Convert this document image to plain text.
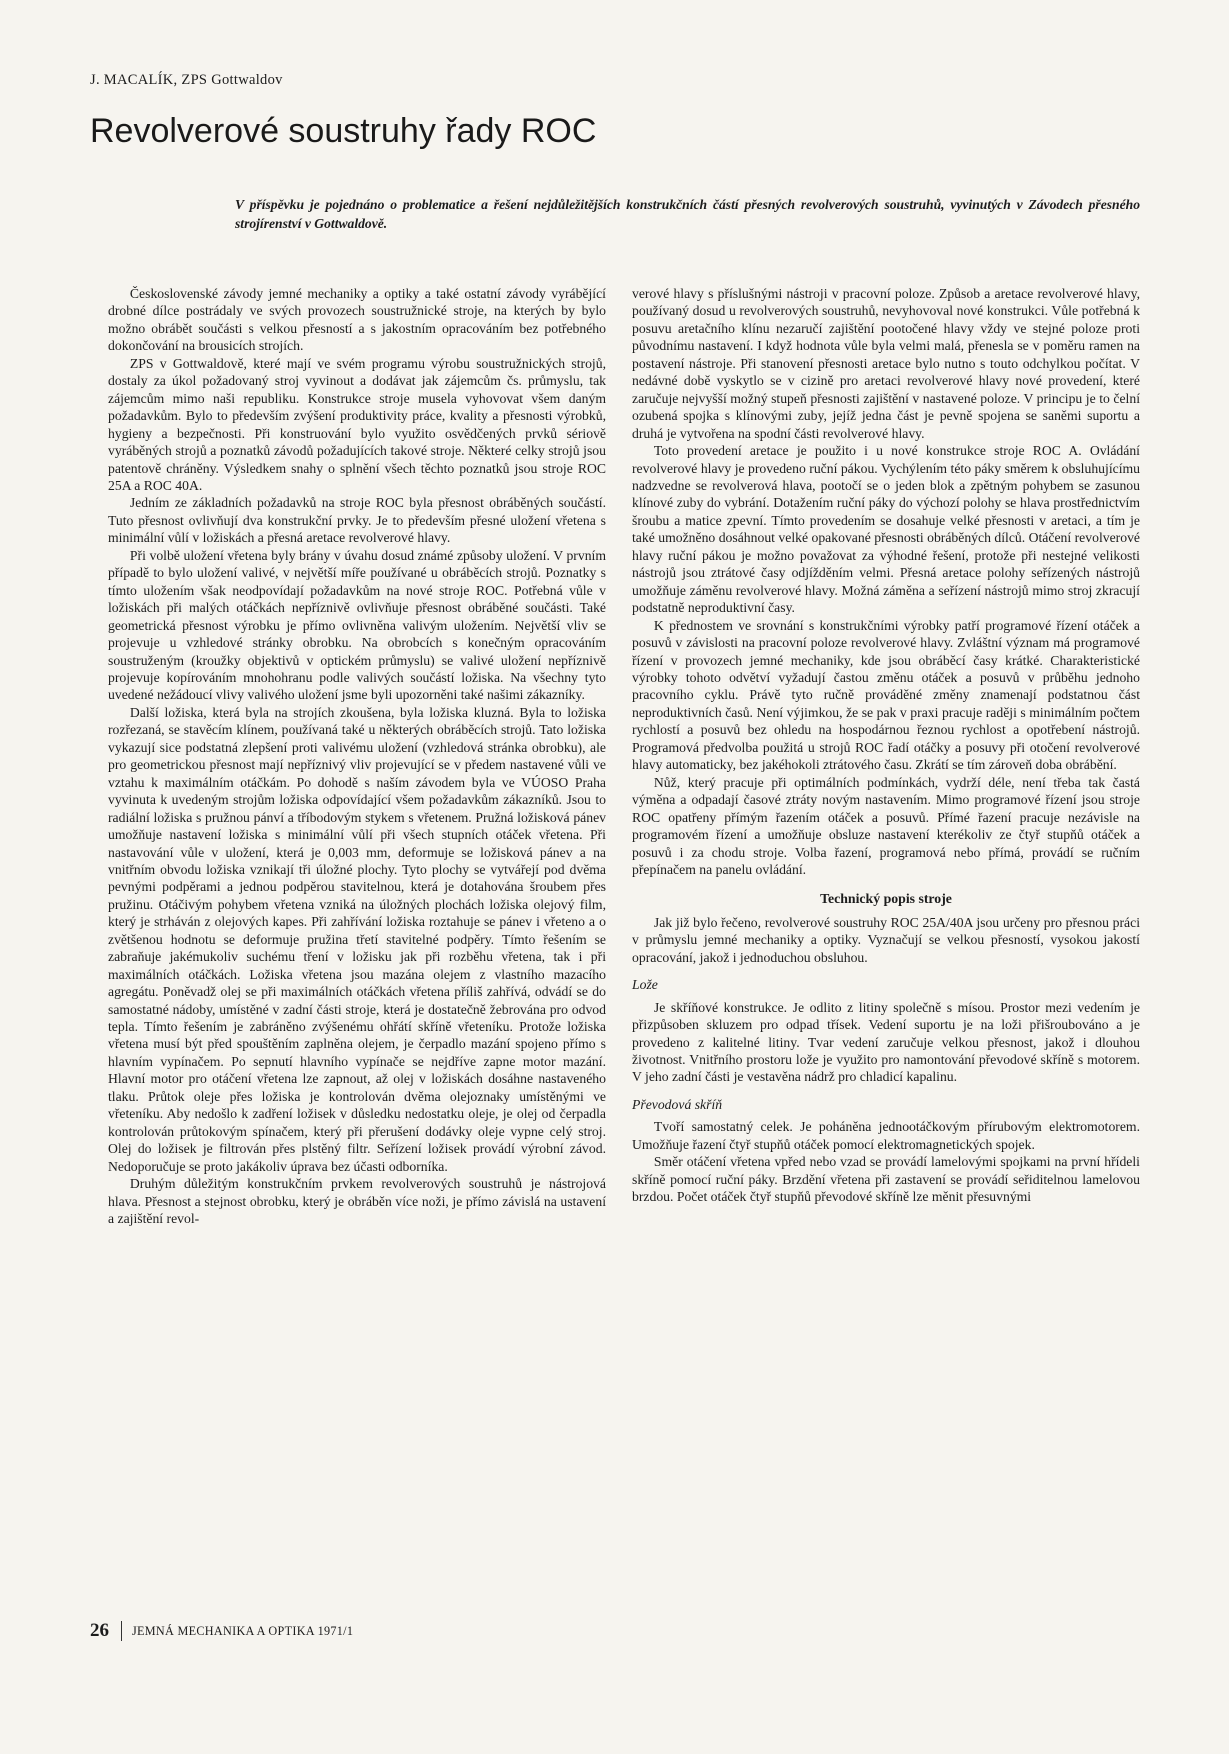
J. MACALÍK, ZPS Gottwaldov
Revolverové soustruhy řady ROC
V příspěvku je pojednáno o problematice a řešení nejdůležitějších konstrukčních částí přesných revolverových soustruhů, vyvinutých v Závodech přesného strojírenství v Gottwaldově.

Československé závody jemné mechaniky a optiky a také ostatní závody vyrábějící drobné dílce postrádaly ve svých provozech soustružnické stroje, na kterých by bylo možno obrábět součásti s velkou přesností a s jakostním opracováním bez potřebného dokončování na brousicích strojích.

ZPS v Gottwaldově, které mají ve svém programu výrobu soustružnických strojů, dostaly za úkol požadovaný stroj vyvinout a dodávat jak zájemcům čs. průmyslu, tak zájemcům mimo naši republiku. Konstrukce stroje musela vyhovovat všem daným požadavkům. Bylo to především zvýšení produktivity práce, kvality a přesnosti výrobků, hygieny a bezpečnosti. Při konstruování bylo využito osvědčených prvků sériově vyráběných strojů a poznatků závodů požadujících takové stroje. Některé celky strojů jsou patentově chráněny. Výsledkem snahy o splnění všech těchto poznatků jsou stroje ROC 25A a ROC 40A.

Jedním ze základních požadavků na stroje ROC byla přesnost obráběných součástí. Tuto přesnost ovlivňují dva konstrukční prvky. Je to především přesné uložení vřetena s minimální vůlí v ložiskách a přesná aretace revolverové hlavy.

Při volbě uložení vřetena byly brány v úvahu dosud známé způsoby uložení. V prvním případě to bylo uložení valivé, v největší míře používané u obráběcích strojů. Poznatky s tímto uložením však neodpovídají požadavkům na nové stroje ROC. Potřebná vůle v ložiskách při malých otáčkách nepříznivě ovlivňuje přesnost obráběné součásti. Také geometrická přesnost výrobku je přímo ovlivněna valivým uložením. Největší vliv se projevuje u vzhledové stránky obrobku. Na obrobcích s konečným opracováním soustruženým (kroužky objektivů v optickém průmyslu) se valivé uložení nepříznivě projevuje kopírováním mnohohranu podle valivých součástí ložiska. Na všechny tyto uvedené nežádoucí vlivy valivého uložení jsme byli upozorněni také našimi zákazníky.

Další ložiska, která byla na strojích zkoušena, byla ložiska kluzná. Byla to ložiska rozřezaná, se stavěcím klínem, používaná také u některých obráběcích strojů. Tato ložiska vykazují sice podstatná zlepšení proti valivému uložení (vzhledová stránka obrobku), ale pro geometrickou přesnost mají nepříznivý vliv projevující se v předem nastavené vůli ve vztahu k maximálním otáčkám. Po dohodě s naším závodem byla ve VÚOSO Praha vyvinuta k uvedeným strojům ložiska odpovídající všem požadavkům zákazníků. Jsou to radiální ložiska s pružnou pánví a tříbodovým stykem s vřetenem. Pružná ložisková pánev umožňuje nastavení ložiska s minimální vůlí při všech stupních otáček vřetena. Při nastavování vůle v uložení, která je 0,003 mm, deformuje se ložisková pánev a na vnitřním obvodu ložiska vznikají tři úložné plochy. Tyto plochy se vytvářejí pod dvěma pevnými podpěrami a jednou podpěrou stavitelnou, která je dotahována šroubem přes pružinu. Otáčivým pohybem vřetena vzniká na úložných plochách ložiska olejový film, který je strháván z olejových kapes. Při zahřívání ložiska roztahuje se pánev i vřeteno a o zvětšenou hodnotu se deformuje pružina třetí stavitelné podpěry. Tímto řešením se zabraňuje jakémukoliv suchému tření v ložisku jak při rozběhu vřetena, tak i při maximálních otáčkách. Ložiska vřetena jsou mazána olejem z vlastního mazacího agregátu. Poněvadž olej se při maximálních otáčkách vřetena příliš zahřívá, odvádí se do samostatné nádoby, umístěné v zadní části stroje, která je dostatečně žebrována pro odvod tepla. Tímto řešením je zabráněno zvýšenému ohřátí skříně vřeteníku. Protože ložiska vřetena musí být před spouštěním zaplněna olejem, je čerpadlo mazání spojeno přímo s hlavním vypínačem. Po sepnutí hlavního vypínače se nejdříve zapne motor mazání. Hlavní motor pro otáčení vřetena lze zapnout, až olej v ložiskách dosáhne nastaveného tlaku. Průtok oleje přes ložiska je kontrolován dvěma olejoznaky umístěnými ve vřeteníku. Aby nedošlo k zadření ložisek v důsledku nedostatku oleje, je olej od čerpadla kontrolován průtokovým spínačem, který při přerušení dodávky oleje vypne celý stroj. Olej do ložisek je filtrován přes plstěný filtr. Seřízení ložisek provádí výrobní závod. Nedoporučuje se proto jakákoliv úprava bez účasti odborníka.

Druhým důležitým konstrukčním prvkem revolverových soustruhů je nástrojová hlava. Přesnost a stejnost obrobku, který je obráběn více noži, je přímo závislá na ustavení a zajištění revol-

verové hlavy s příslušnými nástroji v pracovní poloze. Způsob a aretace revolverové hlavy, používaný dosud u revolverových soustruhů, nevyhovoval nové konstrukci. Vůle potřebná k posuvu aretačního klínu nezaručí zajištění pootočené hlavy vždy ve stejné poloze proti původnímu nastavení. I když hodnota vůle byla velmi malá, přenesla se v poměru ramen na postavení nástroje. Při stanovení přesnosti aretace bylo nutno s touto odchylkou počítat. V nedávné době vyskytlo se v cizině pro aretaci revolverové hlavy nové provedení, které zaručuje nejvyšší možný stupeň přesnosti zajištění v nastavené poloze. V principu je to čelní ozubená spojka s klínovými zuby, jejíž jedna část je pevně spojena se saněmi suportu a druhá je vytvořena na spodní části revolverové hlavy.

Toto provedení aretace je použito i u nové konstrukce stroje ROC A. Ovládání revolverové hlavy je provedeno ruční pákou. Vychýlením této páky směrem k obsluhujícímu nadzvedne se revolverová hlava, pootočí se o jeden blok a zpětným pohybem se zasunou klínové zuby do vybrání. Dotažením ruční páky do výchozí polohy se hlava prostřednictvím šroubu a matice zpevní. Tímto provedením se dosahuje velké přesnosti v aretaci, a tím je také umožněno dosáhnout velké opakované přesnosti obráběných dílců. Otáčení revolverové hlavy ruční pákou je možno považovat za výhodné řešení, protože při nestejné velikosti nástrojů jsou ztrátové časy odjížděním velmi. Přesná aretace polohy seřízených nástrojů umožňuje záměnu revolverové hlavy. Možná záměna a seřízení nástrojů mimo stroj zkracují podstatně neproduktivní časy.

K přednostem ve srovnání s konstrukčními výrobky patří programové řízení otáček a posuvů v závislosti na pracovní poloze revolverové hlavy. Zvláštní význam má programové řízení v provozech jemné mechaniky, kde jsou obráběcí časy krátké. Charakteristické výrobky tohoto odvětví vyžadují častou změnu otáček a posuvů v průběhu jednoho pracovního cyklu. Právě tyto ručně prováděné změny znamenají podstatnou část neproduktivních časů. Není výjimkou, že se pak v praxi pracuje raději s minimálním počtem rychlostí a posuvů bez ohledu na hospodárnou řeznou rychlost a opotřebení nástrojů. Programová předvolba použitá u strojů ROC řadí otáčky a posuvy při otočení revolverové hlavy automaticky, bez jakéhokoli ztrátového času. Zkrátí se tím zároveň doba obrábění.

Nůž, který pracuje při optimálních podmínkách, vydrží déle, není třeba tak častá výměna a odpadají časové ztráty novým nastavením. Mimo programové řízení jsou stroje ROC opatřeny přímým řazením otáček a posuvů. Přímé řazení pracuje nezávisle na programovém řízení a umožňuje obsluze nastavení kterékoliv ze čtyř stupňů otáček a posuvů i za chodu stroje. Volba řazení, programová nebo přímá, provádí se ručním přepínačem na panelu ovládání.

Technický popis stroje

Jak již bylo řečeno, revolverové soustruhy ROC 25A/40A jsou určeny pro přesnou práci v průmyslu jemné mechaniky a optiky. Vyznačují se velkou přesností, vysokou jakostí opracování, jakož i jednoduchou obsluhou.

Lože

Je skříňové konstrukce. Je odlito z litiny společně s mísou. Prostor mezi vedením je přizpůsoben skluzem pro odpad třísek. Vedení suportu je na loži přišroubováno a je provedeno z kalitelné litiny. Tvar vedení zaručuje velkou přesnost, jakož i dlouhou životnost. Vnitřního prostoru lože je využito pro namontování převodové skříně s motorem. V jeho zadní části je vestavěna nádrž pro chladicí kapalinu.

Převodová skříň

Tvoří samostatný celek. Je poháněna jednootáčkovým přírubovým elektromotorem. Umožňuje řazení čtyř stupňů otáček pomocí elektromagnetických spojek.

Směr otáčení vřetena vpřed nebo vzad se provádí lamelovými spojkami na první hřídeli skříně pomocí ruční páky. Brzdění vřetena při zastavení se provádí seřiditelnou lamelovou brzdou. Počet otáček čtyř stupňů převodové skříně lze měnit přesuvnými

26 JEMNÁ MECHANIKA A OPTIKA 1971/1
